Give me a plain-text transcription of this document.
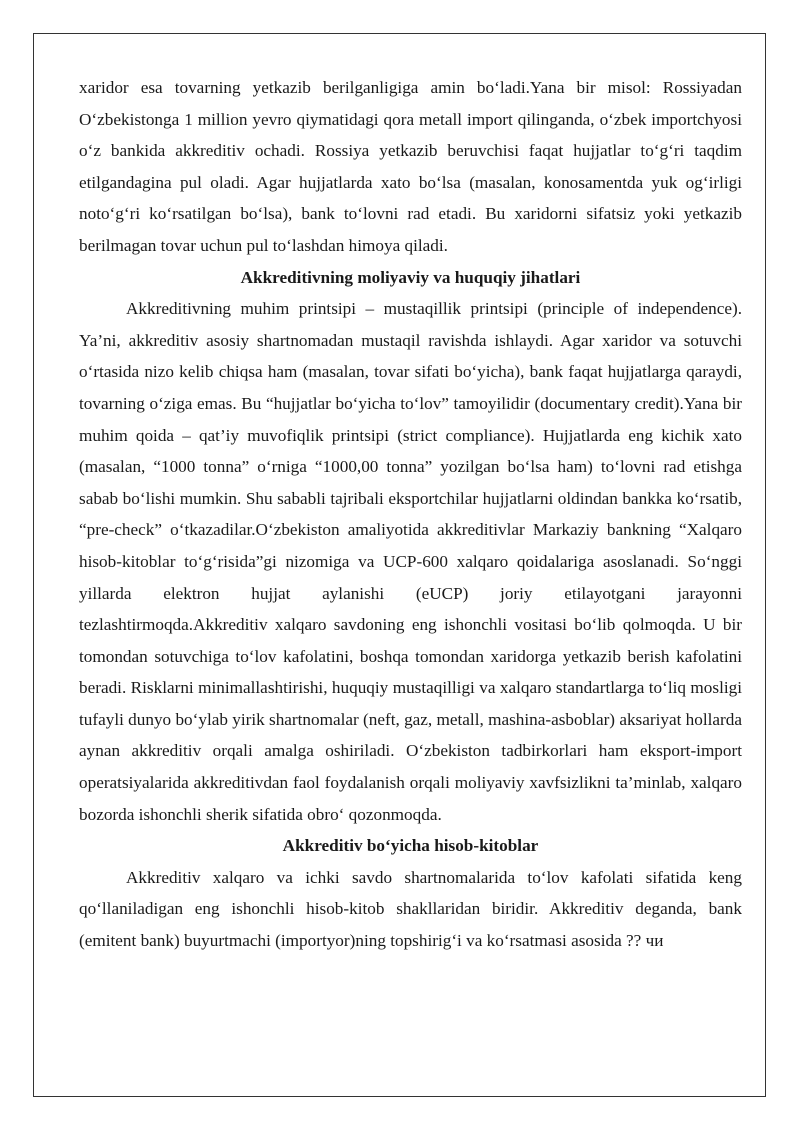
xaridor esa tovarning yetkazib berilganligiga amin bo‘ladi.Yana bir misol: Rossiyadan O‘zbekistonga 1 million yevro qiymatidagi qora metall import qilinganda, o‘zbek importchyosi o‘z bankida akkreditiv ochadi. Rossiya yetkazib beruvchisi faqat hujjatlar to‘g‘ri taqdim etilgandagina pul oladi. Agar hujjatlarda xato bo‘lsa (masalan, konosamentda yuk og‘irligi noto‘g‘ri ko‘rsatilgan bo‘lsa), bank to‘lovni rad etadi. Bu xaridorni sifatsiz yoki yetkazib berilmagan tovar uchun pul to‘lashdan himoya qiladi.

Akkreditivning moliyaviy va huquqiy jihatlari

Akkreditivning muhim printsipi – mustaqillik printsipi (principle of independence). Ya’ni, akkreditiv asosiy shartnomadan mustaqil ravishda ishlaydi. Agar xaridor va sotuvchi o‘rtasida nizo kelib chiqsa ham (masalan, tovar sifati bo‘yicha), bank faqat hujjatlarga qaraydi, tovarning o‘ziga emas. Bu “hujjatlar bo‘yicha to‘lov” tamoyilidir (documentary credit).Yana bir muhim qoida – qat’iy muvofiqlik printsipi (strict compliance). Hujjatlarda eng kichik xato (masalan, “1000 tonna” o‘rniga “1000,00 tonna” yozilgan bo‘lsa ham) to‘lovni rad etishga sabab bo‘lishi mumkin. Shu sababli tajribali eksportchilar hujjatlarni oldindan bankka ko‘rsatib, “pre-check” o‘tkazadilar.O‘zbekiston amaliyotida akkreditivlar Markaziy bankning “Xalqaro hisob-kitoblar to‘g‘risida”gi nizomiga va UCP-600 xalqaro qoidalariga asoslanadi. So‘nggi yillarda elektron hujjat aylanishi (eUCP) joriy etilayotgani jarayonni tezlashtirmoqda.Akkreditiv xalqaro savdoning eng ishonchli vositasi bo‘lib qolmoqda. U bir tomondan sotuvchiga to‘lov kafolatini, boshqa tomondan xaridorga yetkazib berish kafolatini beradi. Risklarni minimallashtirishi, huquqiy mustaqilligi va xalqaro standartlarga to‘liq mosligi tufayli dunyo bo‘ylab yirik shartnomalar (neft, gaz, metall, mashina-asboblar) aksariyat hollarda aynan akkreditiv orqali amalga oshiriladi. O‘zbekiston tadbirkorlari ham eksport-import operatsiyalarida akkreditivdan faol foydalanish orqali moliyaviy xavfsizlikni ta’minlab, xalqaro bozorda ishonchli sherik sifatida obro‘ qozonmoqda.

Akkreditiv bo‘yicha hisob-kitoblar

Akkreditiv xalqaro va ichki savdo shartnomalarida to‘lov kafolati sifatida keng qo‘llaniladigan eng ishonchli hisob-kitob shakllaridan biridir. Akkreditiv deganda, bank (emitent bank) buyurtmachi (importyor)ning topshirig‘i va ko‘rsatmasi asosida ?? чи
